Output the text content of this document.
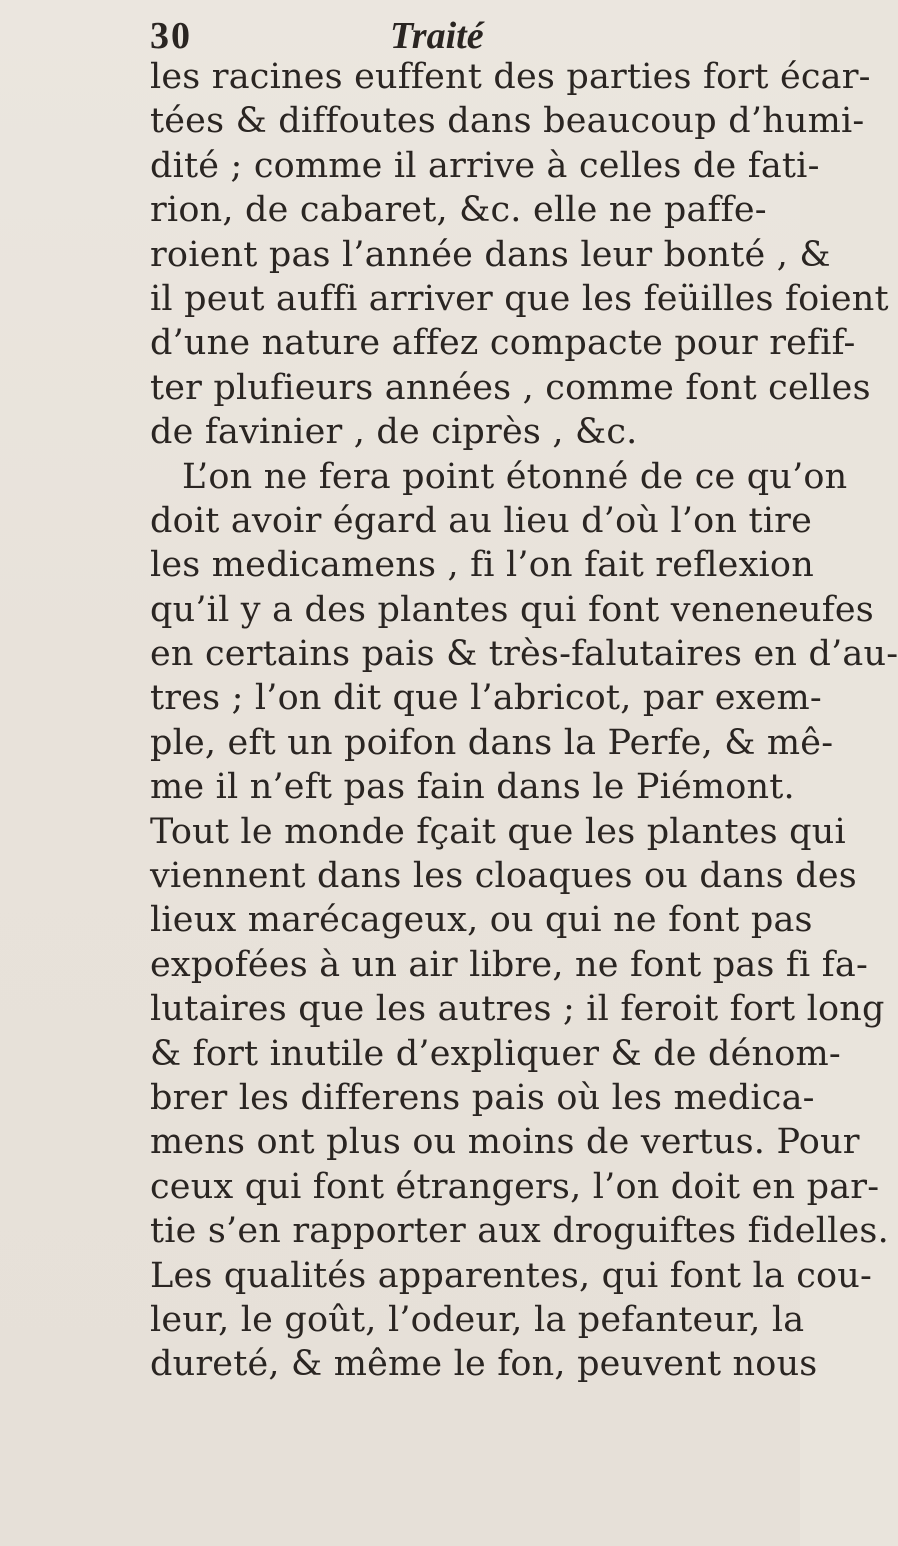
30	Traité
les racines euffent des parties fort écar-
tées & diffoutes dans beaucoup d’humi-
dité ; comme il arrive à celles de fati-
rion, de cabaret, &c. elle ne paffe-
roient pas l’année dans leur bonté , &
il peut auffi arriver que les feüilles foient
d’une nature affez compacte pour refif-
ter plufieurs années , comme font celles
de favinier , de ciprès , &c.
L’on ne fera point étonné de ce qu’on
doit avoir égard au lieu d’où l’on tire
les medicamens , fi l’on fait reflexion
qu’il y a des plantes qui font veneneufes
en certains pais & très-falutaires en d’au-
tres ; l’on dit que l’abricot, par exem-
ple, eft un poifon dans la Perfe, & mê-
me il n’eft pas fain dans le Piémont.
Tout le monde fçait que les plantes qui
viennent dans les cloaques ou dans des
lieux marécageux, ou qui ne font pas
expofées à un air libre, ne font pas fi fa-
lutaires que les autres ; il feroit fort long
& fort inutile d’expliquer & de dénom-
brer les differens pais où les medica-
mens ont plus ou moins de vertus. Pour
ceux qui font étrangers, l’on doit en par-
tie s’en rapporter aux droguiftes fidelles.
Les qualités apparentes, qui font la cou-
leur, le goût, l’odeur, la pefanteur, la
dureté, & même le fon, peuvent nous
